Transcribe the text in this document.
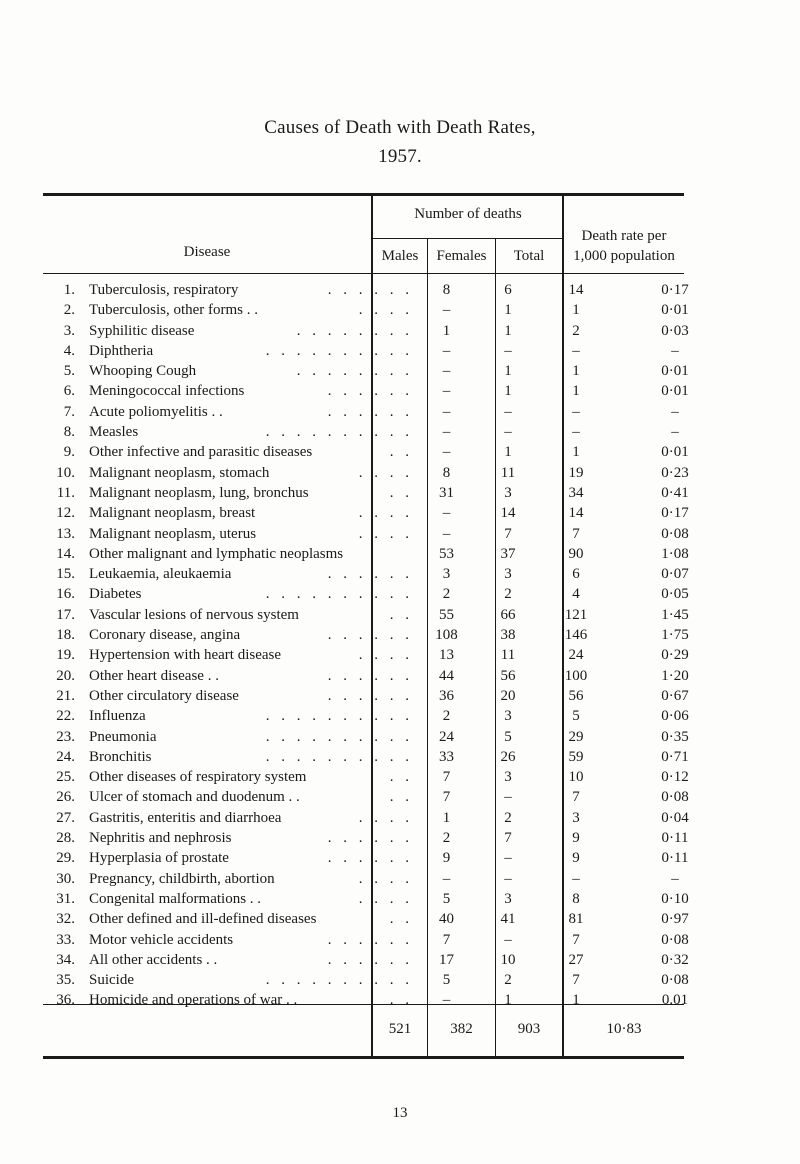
Causes of Death with Death Rates,
1957.
Disease
Number of deaths
Males	Females	Total
Death rate per
1,000 population
1.	Tuberculosis, respiratory . . . . . .	8	6	14	0·17
2.	Tuberculosis, other forms . . . . . .	–	1	1	0·01
3.	Syphilitic disease . . . . . . . .	1	1	2	0·03
4.	Diphtheria . . . . . . . . . .	–	–	–	–
5.	Whooping Cough . . . . . . . .	–	1	1	0·01
6.	Meningococcal infections . . . . . .	–	1	1	0·01
7.	Acute poliomyelitis . . . . . . . .	–	–	–	–
8.	Measles . . . . . . . . . .	–	–	–	–
9.	Other infective and parasitic diseases . .	–	1	1	0·01
10.	Malignant neoplasm, stomach . . . .	8	11	19	0·23
11.	Malignant neoplasm, lung, bronchus . .	31	3	34	0·41
12.	Malignant neoplasm, breast . . . .	–	14	14	0·17
13.	Malignant neoplasm, uterus . . . .	–	7	7	0·08
14.	Other malignant and lymphatic neoplasms	53	37	90	1·08
15.	Leukaemia, aleukaemia . . . . . .	3	3	6	0·07
16.	Diabetes . . . . . . . . . .	2	2	4	0·05
17.	Vascular lesions of nervous system . .	55	66	121	1·45
18.	Coronary disease, angina . . . . . .	108	38	146	1·75
19.	Hypertension with heart disease . . . .	13	11	24	0·29
20.	Other heart disease . . . . . . . .	44	56	100	1·20
21.	Other circulatory disease . . . . . .	36	20	56	0·67
22.	Influenza . . . . . . . . . .	2	3	5	0·06
23.	Pneumonia . . . . . . . . . .	24	5	29	0·35
24.	Bronchitis . . . . . . . . . .	33	26	59	0·71
25.	Other diseases of respiratory system . .	7	3	10	0·12
26.	Ulcer of stomach and duodenum . . . .	7	–	7	0·08
27.	Gastritis, enteritis and diarrhoea . . . .	1	2	3	0·04
28.	Nephritis and nephrosis . . . . . .	2	7	9	0·11
29.	Hyperplasia of prostate . . . . . .	9	–	9	0·11
30.	Pregnancy, childbirth, abortion . . . .	–	–	–	–
31.	Congenital malformations . . . . . .	5	3	8	0·10
32.	Other defined and ill-defined diseases . .	40	41	81	0·97
33.	Motor vehicle accidents . . . . . .	7	–	7	0·08
34.	All other accidents . . . . . . . .	17	10	27	0·32
35.	Suicide . . . . . . . . . .	5	2	7	0·08
36.	Homicide and operations of war . . . .	–	1	1	0.01
521	382	903	10·83
13
